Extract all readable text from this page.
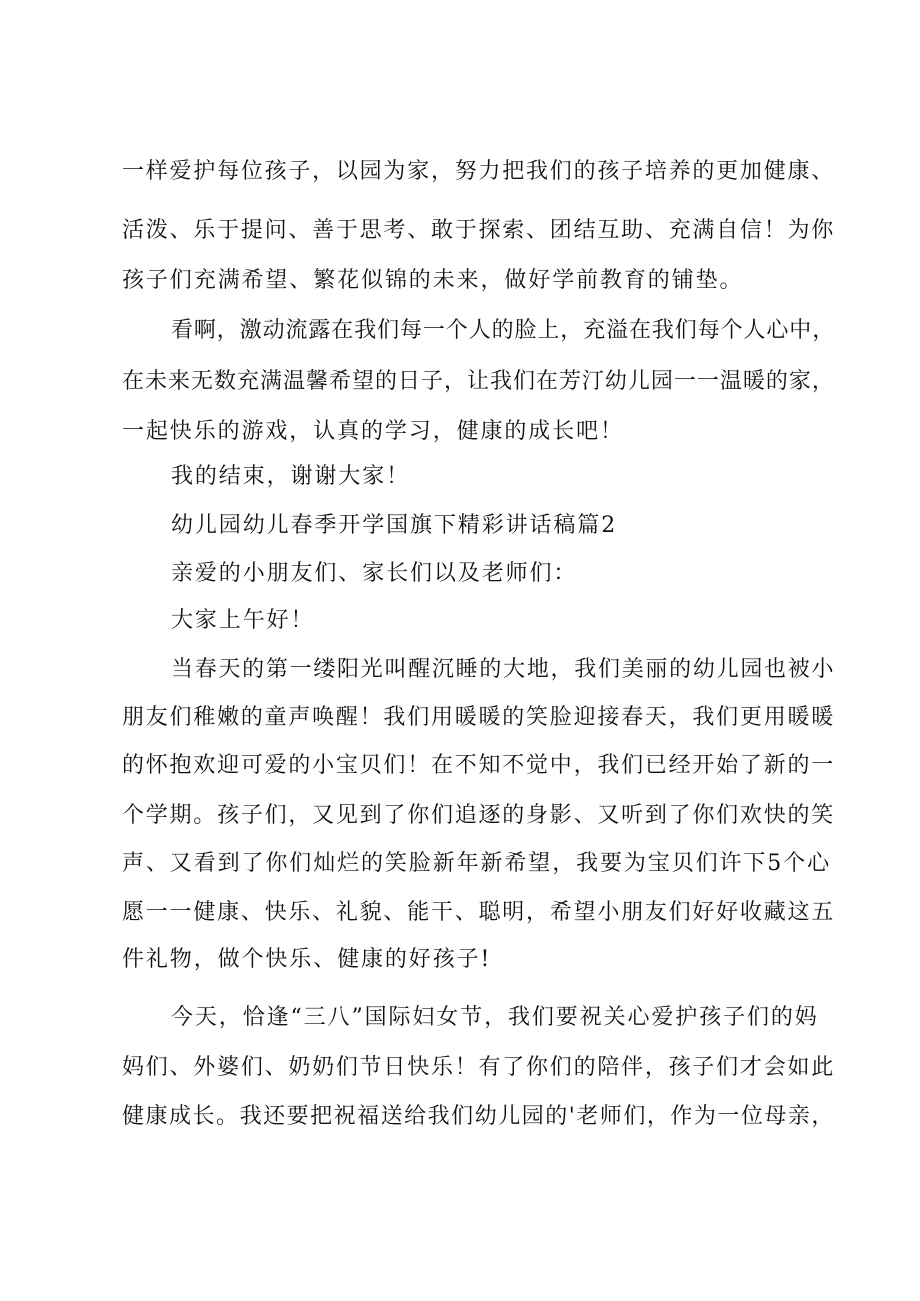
一样爱护每位孩子，以园为家，努力把我们的孩子培养的更加健康、

活泼、乐于提问、善于思考、敢于探索、团结互助、充满自信！为你

孩子们充满希望、繁花似锦的未来，做好学前教育的铺垫。

看啊，激动流露在我们每一个人的脸上，充溢在我们每个人心中，

在未来无数充满温馨希望的日子，让我们在芳汀幼儿园一一温暖的家，

一起快乐的游戏，认真的学习，健康的成长吧！

我的结束，谢谢大家！

幼儿园幼儿春季开学国旗下精彩讲话稿篇2

亲爱的小朋友们、家长们以及老师们：

大家上午好！

当春天的第一缕阳光叫醒沉睡的大地，我们美丽的幼儿园也被小

朋友们稚嫩的童声唤醒！我们用暖暖的笑脸迎接春天，我们更用暖暖

的怀抱欢迎可爱的小宝贝们！在不知不觉中，我们已经开始了新的一

个学期。孩子们，又见到了你们追逐的身影、又听到了你们欢快的笑

声、又看到了你们灿烂的笑脸新年新希望，我要为宝贝们许下5个心

愿一一健康、快乐、礼貌、能干、聪明，希望小朋友们好好收藏这五

件礼物，做个快乐、健康的好孩子!

今天，恰逢“三八”国际妇女节，我们要祝关心爱护孩子们的妈

妈们、外婆们、奶奶们节日快乐！有了你们的陪伴，孩子们才会如此

健康成长。我还要把祝福送给我们幼儿园的'老师们，作为一位母亲，
